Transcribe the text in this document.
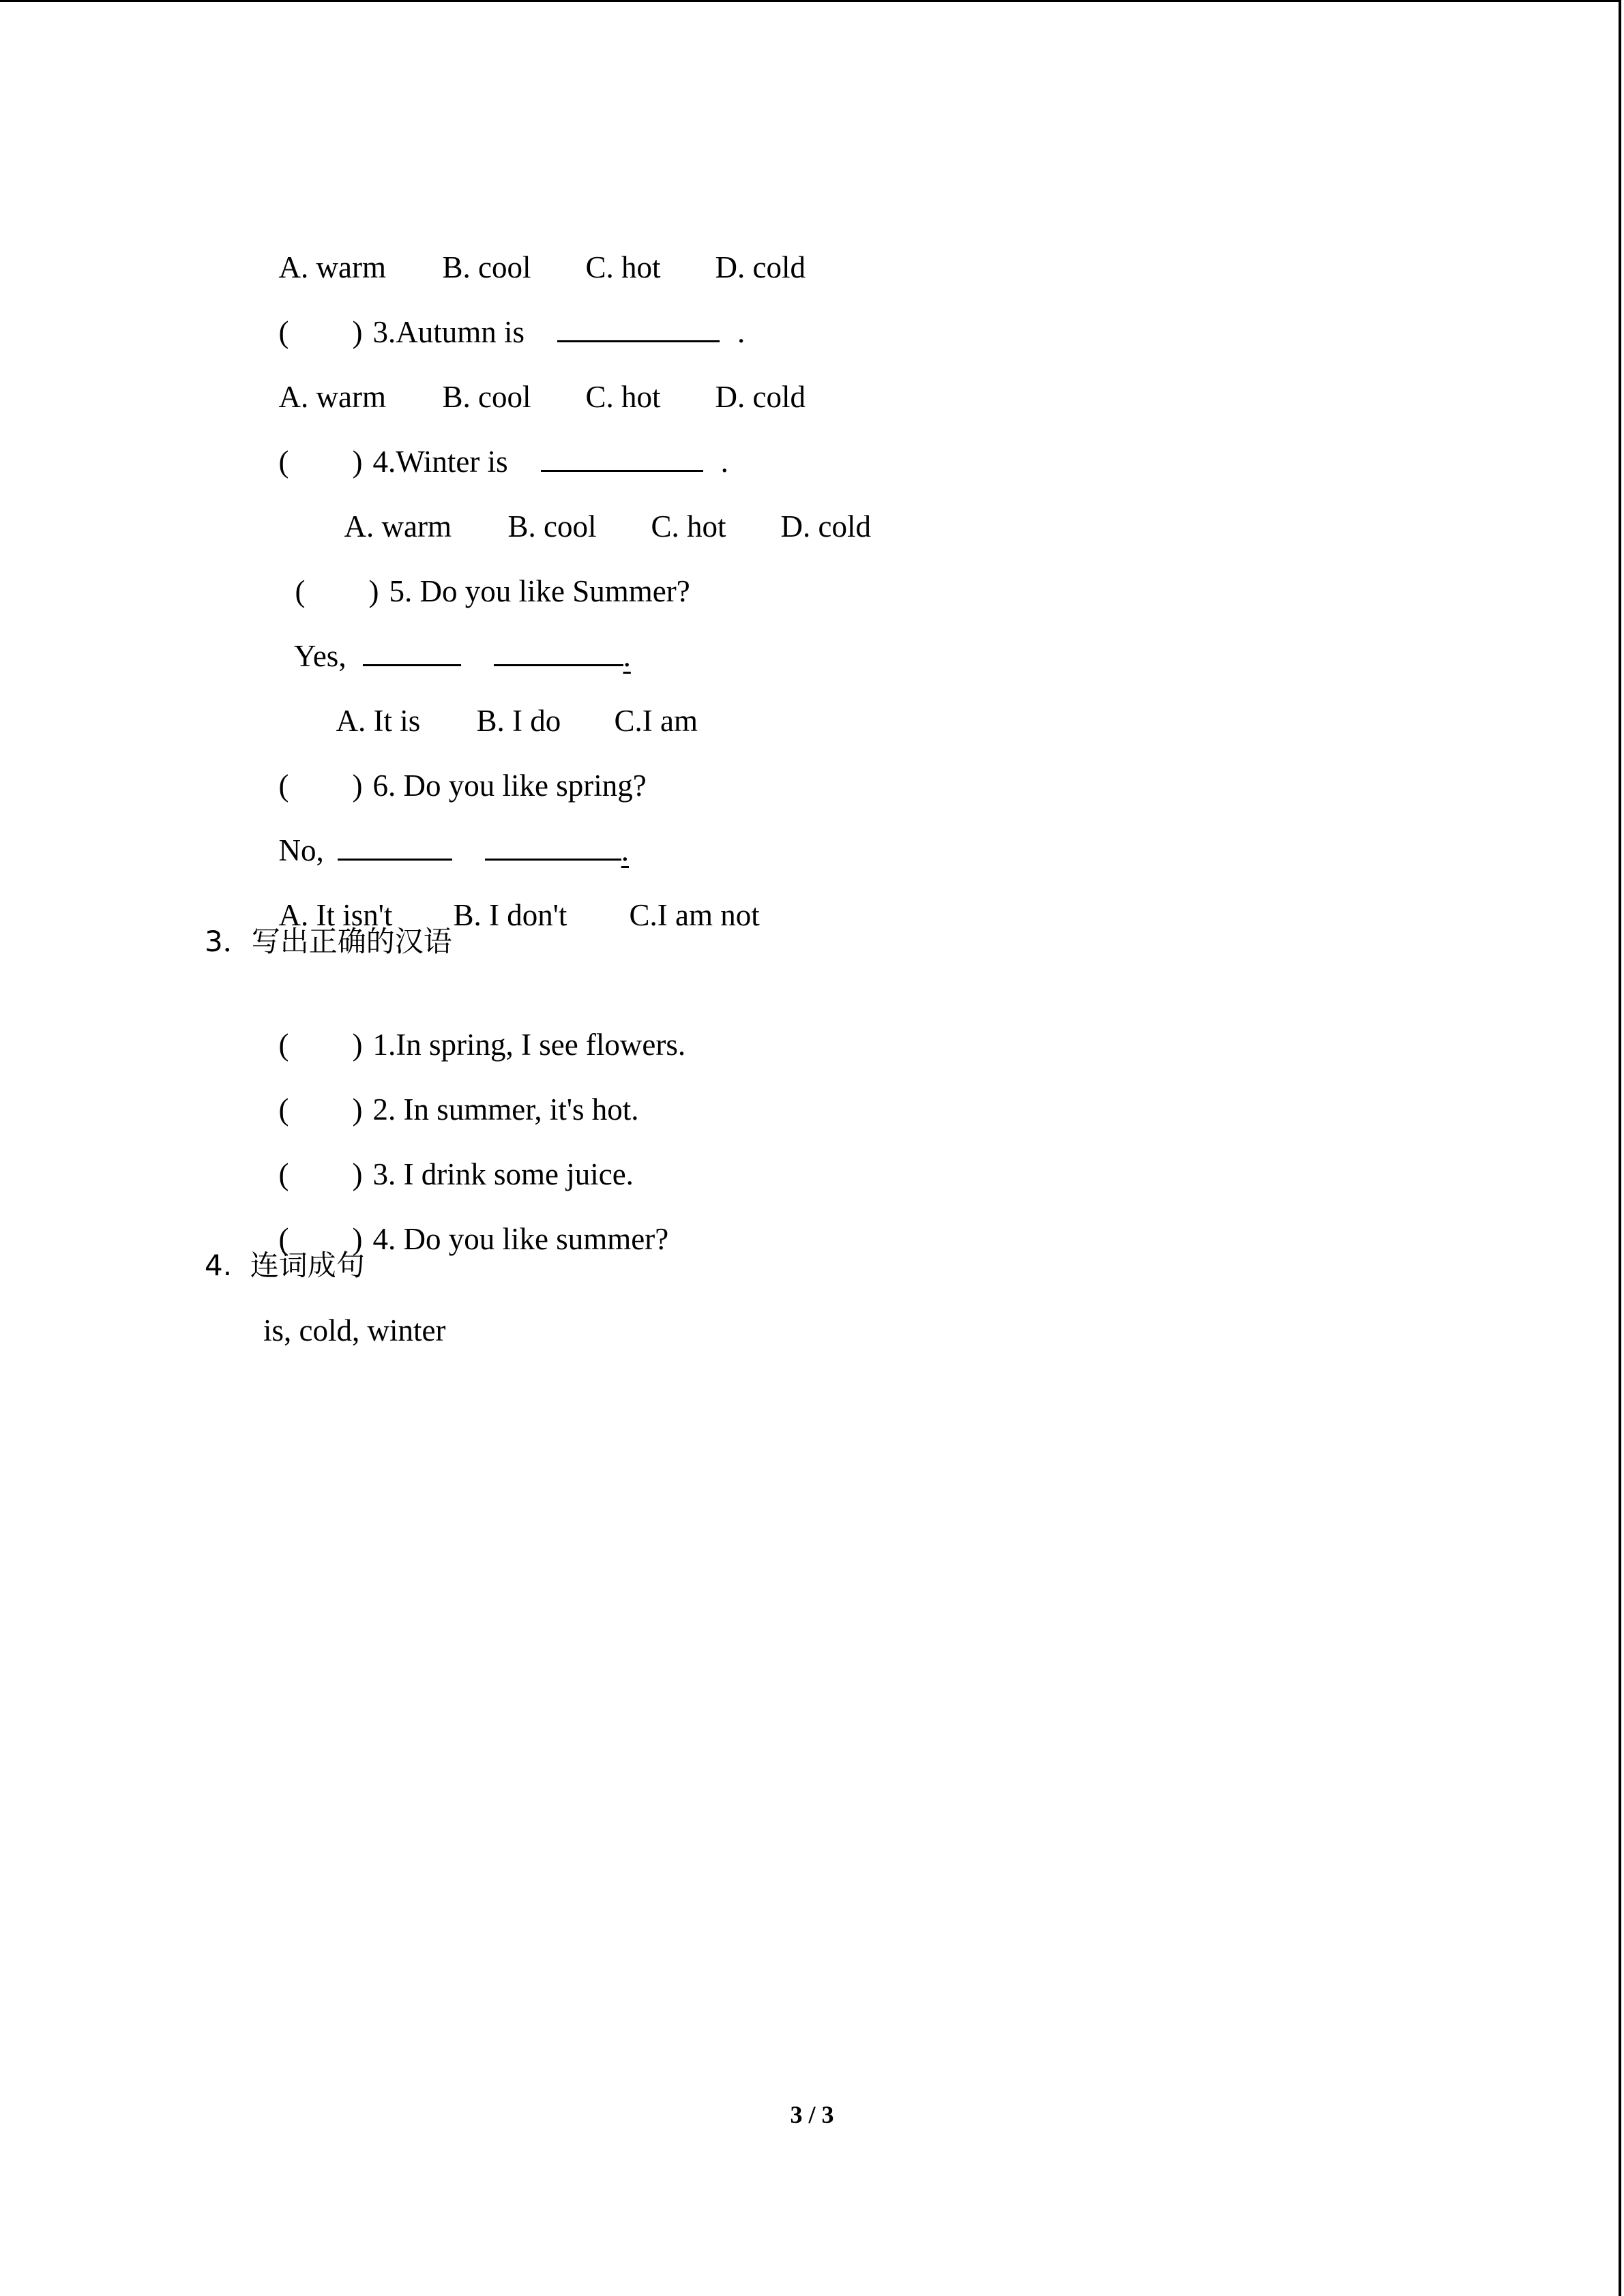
A. warm B. cool C. hot D. cold

( ) 3.Autumn is	.

A. warm B. cool C. hot D. cold

( ) 4.Winter is	.

A. warm B. cool C. hot D. cold

( ) 5. Do you like Summer?

Yes,	.

A. It is B. I do C.I am

( ) 6. Do you like spring?

No,	.

A. It isn't B. I don't C.I am not

3．写出正确的汉语

( ) 1.In spring, I see flowers.

( ) 2. In summer, it's hot.

( ) 3. I drink some juice.

( ) 4. Do you like summer?

4.  连词成句
is, cold, winter
3 / 3
